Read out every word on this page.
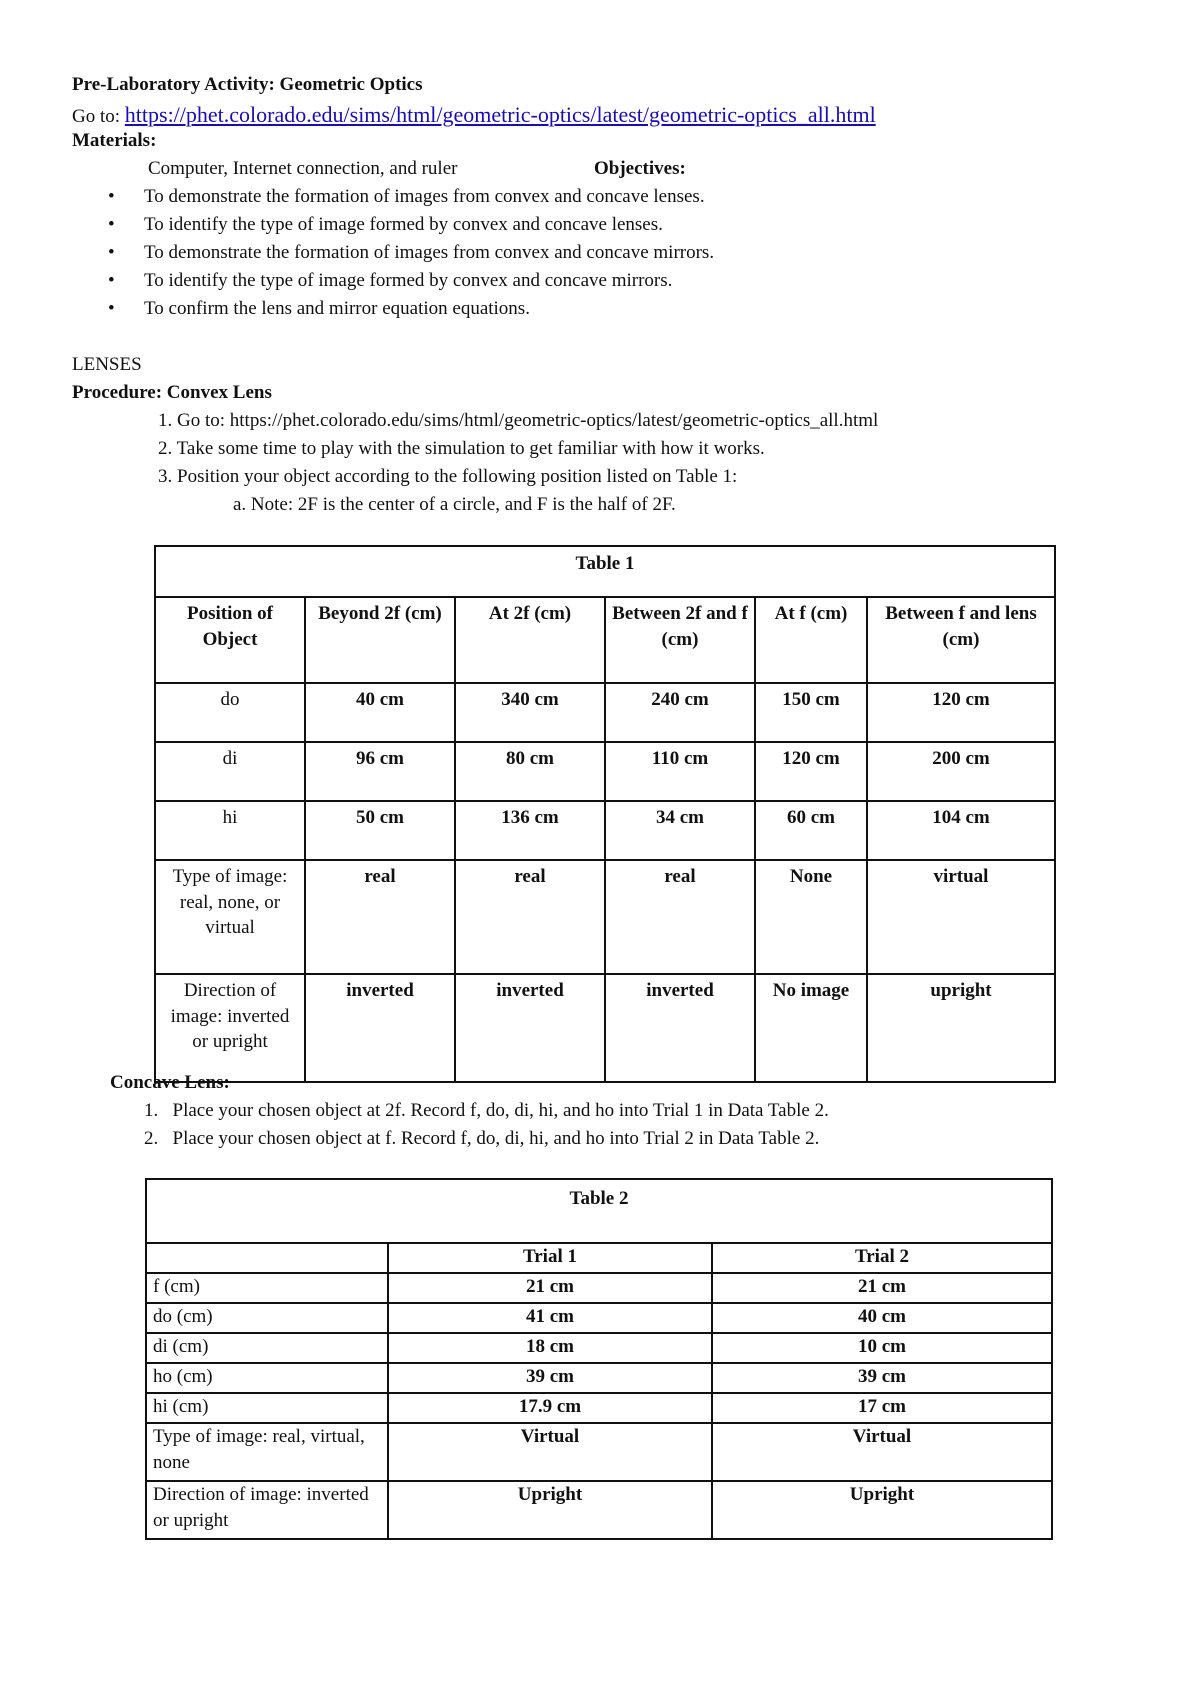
Pre-Laboratory Activity: Geometric Optics
Go to: https://phet.colorado.edu/sims/html/geometric-optics/latest/geometric-optics_all.html
Materials:
Computer, Internet connection, and ruler	Objectives:
• To demonstrate the formation of images from convex and concave lenses.
• To identify the type of image formed by convex and concave lenses.
• To demonstrate the formation of images from convex and concave mirrors.
• To identify the type of image formed by convex and concave mirrors.
• To confirm the lens and mirror equation equations.
LENSES
Procedure: Convex Lens
1. Go to: https://phet.colorado.edu/sims/html/geometric-optics/latest/geometric-optics_all.html
2. Take some time to play with the simulation to get familiar with how it works.
3. Position your object according to the following position listed on Table 1:
a. Note: 2F is the center of a circle, and F is the half of 2F.
Table 1					
Position of Object	Beyond 2f (cm)	At 2f (cm)	Between 2f and f (cm)	At f (cm)	Between f and lens (cm)
do	40 cm	340 cm	240 cm	150 cm	120 cm
di	96 cm	80 cm	110 cm	120 cm	200 cm
hi	50 cm	136 cm	34 cm	60 cm	104 cm
Type of image: real, none, or virtual	real	real	real	None	virtual
Direction of image: inverted or upright	inverted	inverted	inverted	No image	upright
Concave Lens:
1.   Place your chosen object at 2f. Record f, do, di, hi, and ho into Trial 1 in Data Table 2.
2.   Place your chosen object at f. Record f, do, di, hi, and ho into Trial 2 in Data Table 2.
Table 2		
	Trial 1	Trial 2
f (cm)	21 cm	21 cm
do (cm)	41 cm	40 cm
di (cm)	18 cm	10 cm
ho (cm)	39 cm	39 cm
hi (cm)	17.9 cm	17 cm
Type of image: real, virtual, none	Virtual	Virtual
Direction of image: inverted or upright	Upright	Upright
